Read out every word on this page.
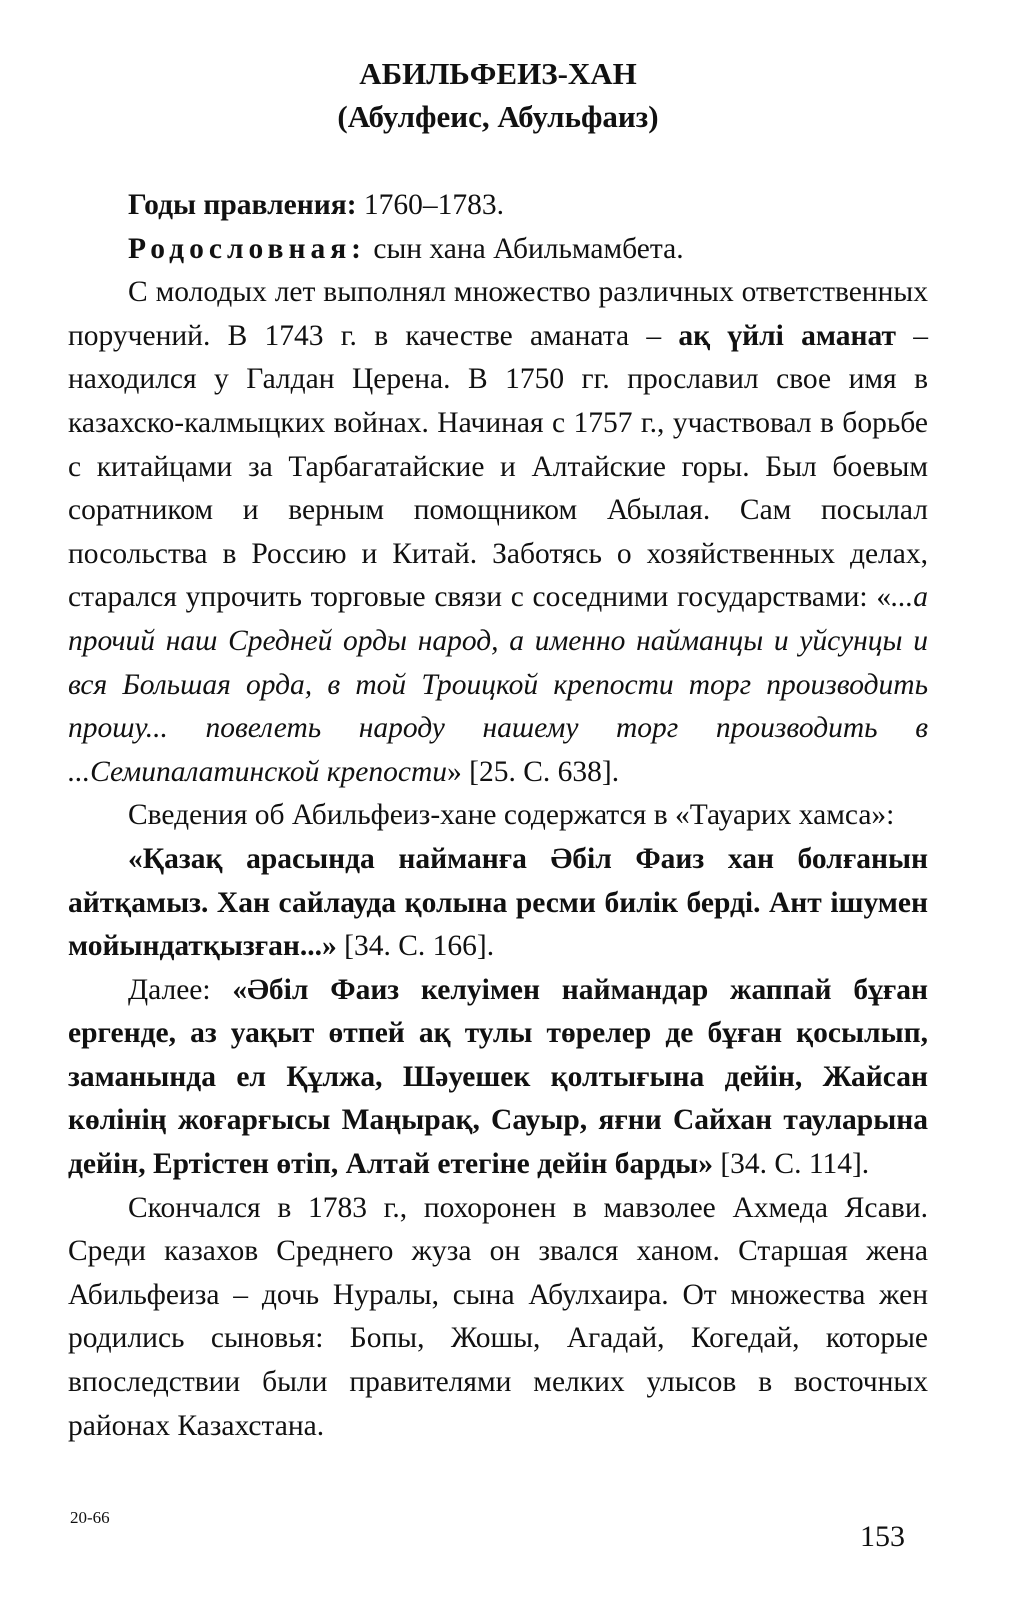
АБИЛЬФЕИЗ-ХАН

(Абулфеис, Абульфаиз)

Годы правления: 1760–1783.

Родословная: сын хана Абильмамбета.

С молодых лет выполнял множество различных ответственных поручений. В 1743 г. в качестве аманата – ақ үйлі аманат – находился у Галдан Церена. В 1750 гг. прославил свое имя в казахско-калмыцких войнах. Начиная с 1757 г., участвовал в борьбе с китайцами за Тарбагатайские и Алтайские горы. Был боевым соратником и верным помощником Абылая. Сам посылал посольства в Россию и Китай. Заботясь о хозяйственных делах, старался упрочить торговые связи с соседними государствами: «...а прочий наш Средней орды народ, а именно найманцы и уйсунцы и вся Большая орда, в той Троицкой крепости торг производить прошу... повелеть народу нашему торг производить в ...Семипалатинской крепости» [25. С. 638].

Сведения об Абильфеиз-хане содержатся в «Тауарих хамса»:

«Қазақ арасында найманға Әбіл Фаиз хан болғанын айтқамыз. Хан сайлауда қолына ресми билік берді. Ант ішумен мойындатқызған...» [34. С. 166].

Далее: «Әбіл Фаиз келуімен наймандар жаппай бұған ергенде, аз уақыт өтпей ақ тулы төрелер де бұған қосылып, заманында ел Құлжа, Шәуешек қолтығына дейін, Жайсан көлінің жоғарғысы Маңырақ, Сауыр, яғни Сайхан тауларына дейін, Ертістен өтіп, Алтай етегіне дейін барды» [34. С. 114].

Скончался в 1783 г., похоронен в мавзолее Ахмеда Ясави. Среди казахов Среднего жуза он звался ханом. Старшая жена Абильфеиза – дочь Нуралы, сына Абулхаира. От множества жен родились сыновья: Бопы, Жошы, Агадай, Когедай, которые впоследствии были правителями мелких улысов в восточных районах Казахстана.

20-66
153
